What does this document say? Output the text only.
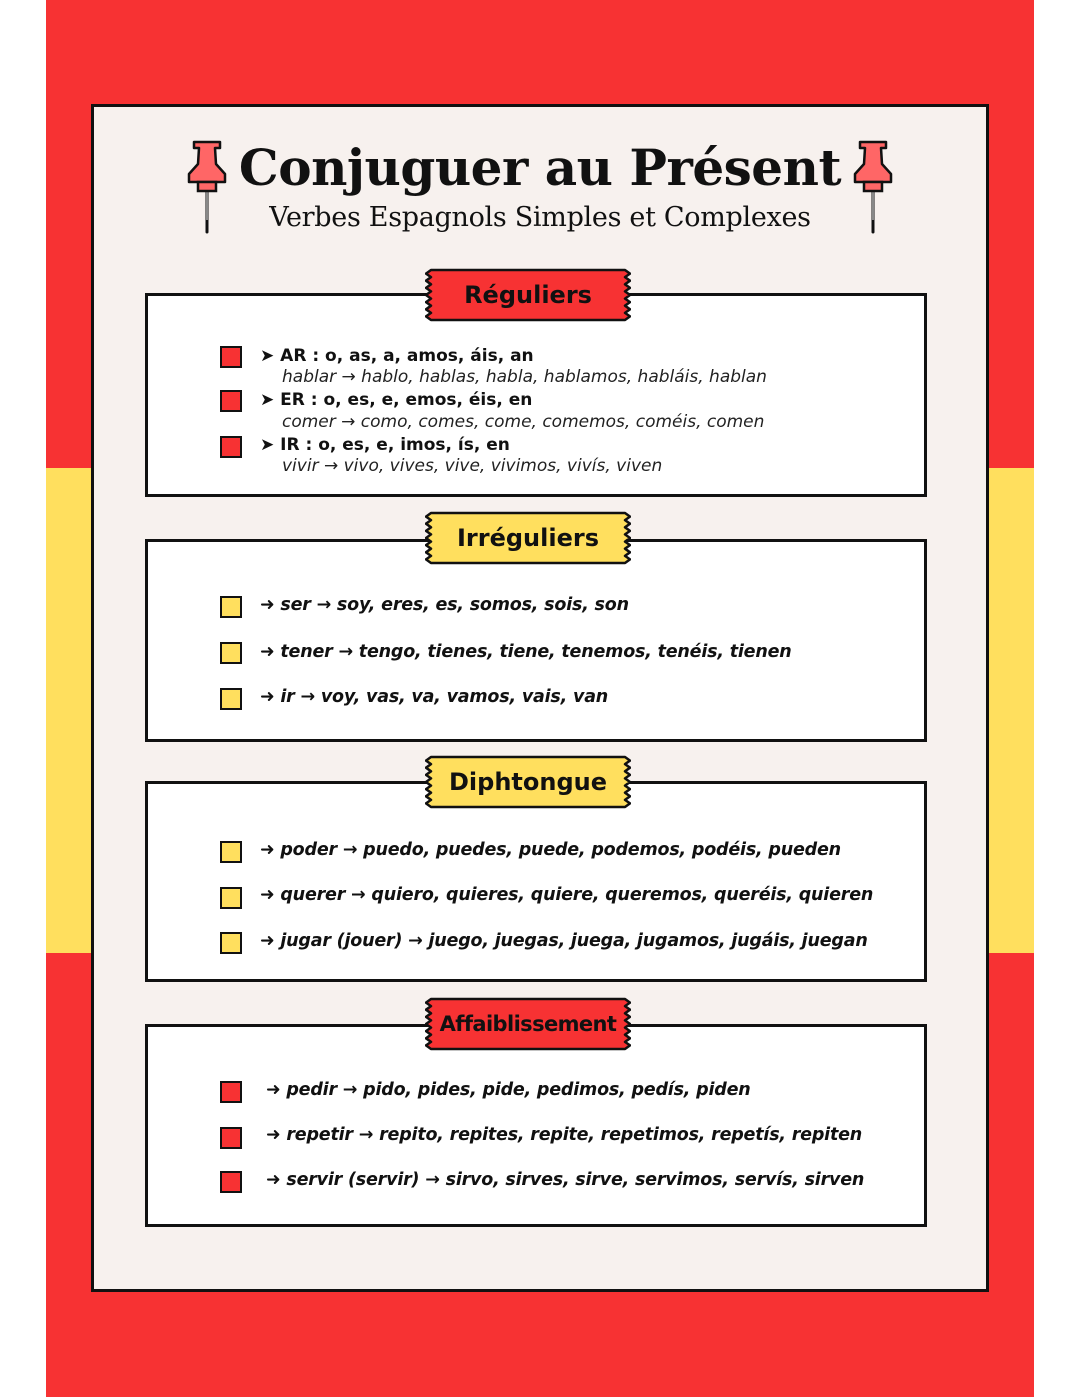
Conjuguer au Présent
Verbes Espagnols Simples et Complexes
Réguliers
➤ AR : o, as, a, amos, áis, an
hablar → hablo, hablas, habla, hablamos, habláis, hablan
➤ ER : o, es, e, emos, éis, en
comer → como, comes, come, comemos, coméis, comen
➤ IR : o, es, e, imos, ís, en
vivir → vivo, vives, vive, vivimos, vivís, viven
Irréguliers
➜ ser → soy, eres, es, somos, sois, son
➜ tener → tengo, tienes, tiene, tenemos, tenéis, tienen
➜ ir → voy, vas, va, vamos, vais, van
Diphtongue
➜ poder → puedo, puedes, puede, podemos, podéis, pueden
➜ querer → quiero, quieres, quiere, queremos, queréis, quieren
➜ jugar (jouer) → juego, juegas, juega, jugamos, jugáis, juegan
Affaiblissement
➜ pedir → pido, pides, pide, pedimos, pedís, piden
➜ repetir → repito, repites, repite, repetimos, repetís, repiten
➜ servir (servir) → sirvo, sirves, sirve, servimos, servís, sirven
